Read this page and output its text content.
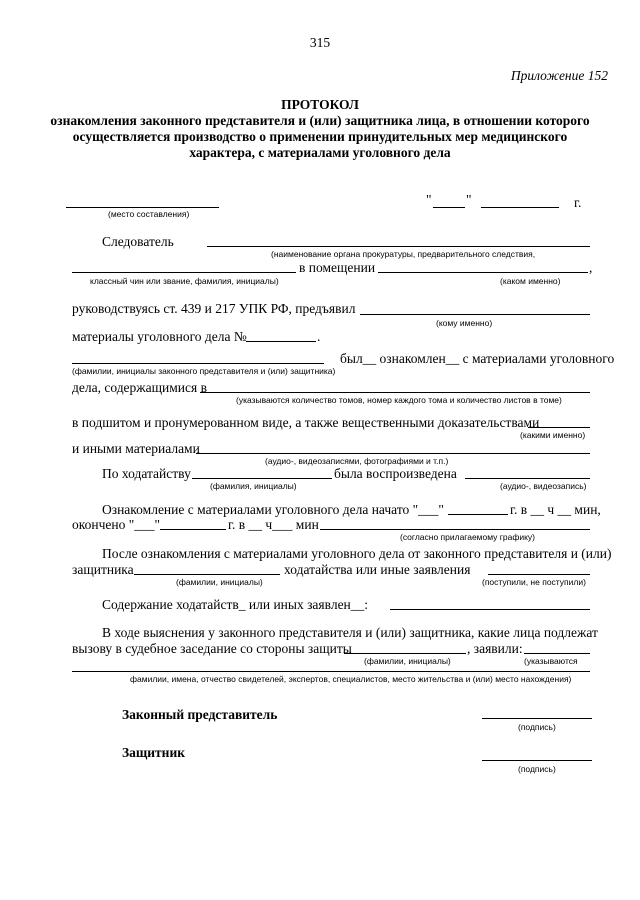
315
Приложение 152
ПРОТОКОЛ
ознакомления законного представителя и (или) защитника лица, в отношении которого
осуществляется производство о применении принудительных мер медицинского
характера, с материалами уголовного дела
(место составления)
"	"	г.
Следователь
(наименование органа прокуратуры, предварительного следствия,
в помещении	,
классный чин или звание, фамилия, инициалы)	(каком именно)
руководствуясь ст. 439 и 217 УПК РФ, предъявил
(кому именно)
материалы уголовного дела №	.
был__ ознакомлен__ с материалами уголовного
(фамилии, инициалы законного представителя и (или) защитника)
дела, содержащимися в
(указываются количество томов, номер каждого тома и количество листов в томе)
в подшитом и пронумерованном виде, а также вещественными доказательствами
(какими именно)
и иными материалами
(аудио-, видеозаписями, фотографиями и т.п.)
По ходатайству	была воспроизведена
(фамилия, инициалы)	(аудио-, видеозапись)
Ознакомление с материалами уголовного дела начато "___"	г. в __ ч __ мин,
окончено "___"	г. в __ ч___ мин
(согласно прилагаемому графику)
После ознакомления с материалами уголовного дела от законного представителя и (или)
защитника	ходатайства или иные заявления
(фамилии, инициалы)	(поступили, не поступили)
Содержание ходатайств_ или иных заявлен__:
В ходе выяснения у законного представителя и (или) защитника, какие лица подлежат
вызову в судебное заседание со стороны защиты	, заявили:
(фамилии, инициалы)	(указываются
фамилии, имена, отчество свидетелей, экспертов, специалистов, место жительства и (или) место нахождения)
Законный представитель
(подпись)
Защитник
(подпись)
